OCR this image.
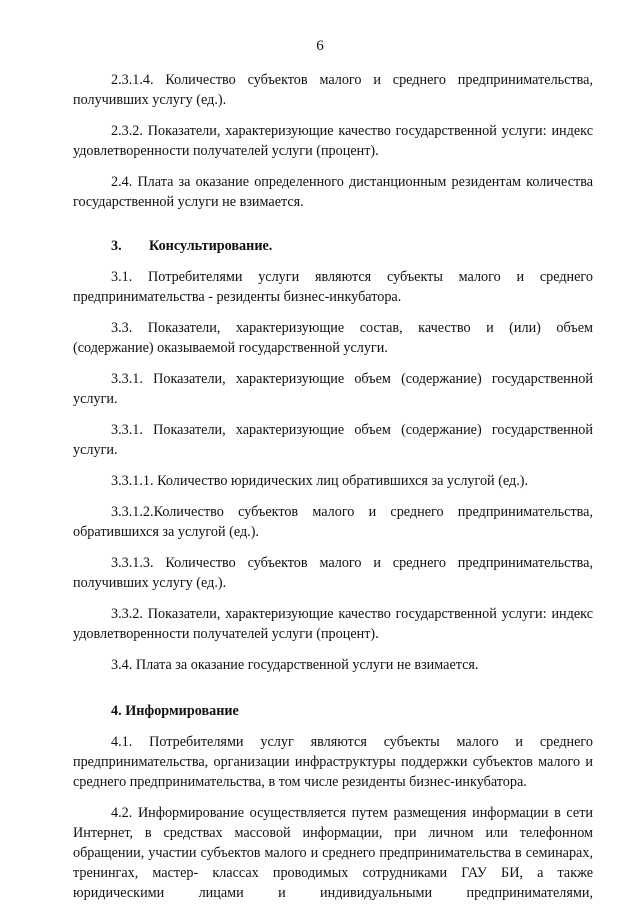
6

2.3.1.4. Количество субъектов малого и среднего предпринимательства, получивших услугу (ед.).

2.3.2. Показатели, характеризующие качество государственной услуги: индекс удовлетворенности получателей услуги (процент).

2.4. Плата за оказание определенного дистанционным резидентам количества государственной услуги не взимается.

3. Консультирование.

3.1. Потребителями услуги являются субъекты малого и среднего предпринимательства - резиденты бизнес-инкубатора.

3.3. Показатели, характеризующие состав, качество и (или) объем (содержание) оказываемой государственной услуги.

3.3.1. Показатели, характеризующие объем (содержание) государственной услуги.

3.3.1. Показатели, характеризующие объем (содержание) государственной услуги.

3.3.1.1. Количество юридических лиц обратившихся за услугой (ед.).

3.3.1.2.Количество субъектов малого и среднего предпринимательства, обратившихся за услугой (ед.).

3.3.1.3. Количество субъектов малого и среднего предпринимательства, получивших услугу (ед.).

3.3.2. Показатели, характеризующие качество государственной услуги: индекс удовлетворенности получателей услуги (процент).

3.4. Плата за оказание государственной услуги не взимается.

4. Информирование

4.1. Потребителями услуг являются субъекты малого и среднего предпринимательства, организации инфраструктуры поддержки субъектов малого и среднего предпринимательства, в том числе резиденты бизнес-инкубатора.

4.2. Информирование осуществляется путем размещения информации в сети Интернет, в средствах массовой информации, при личном или телефонном обращении, участии субъектов малого и среднего предпринимательства в семинарах, тренингах, мастер- классах проводимых сотрудниками ГАУ БИ, а также юридическими лицами и индивидуальными предпринимателями,
